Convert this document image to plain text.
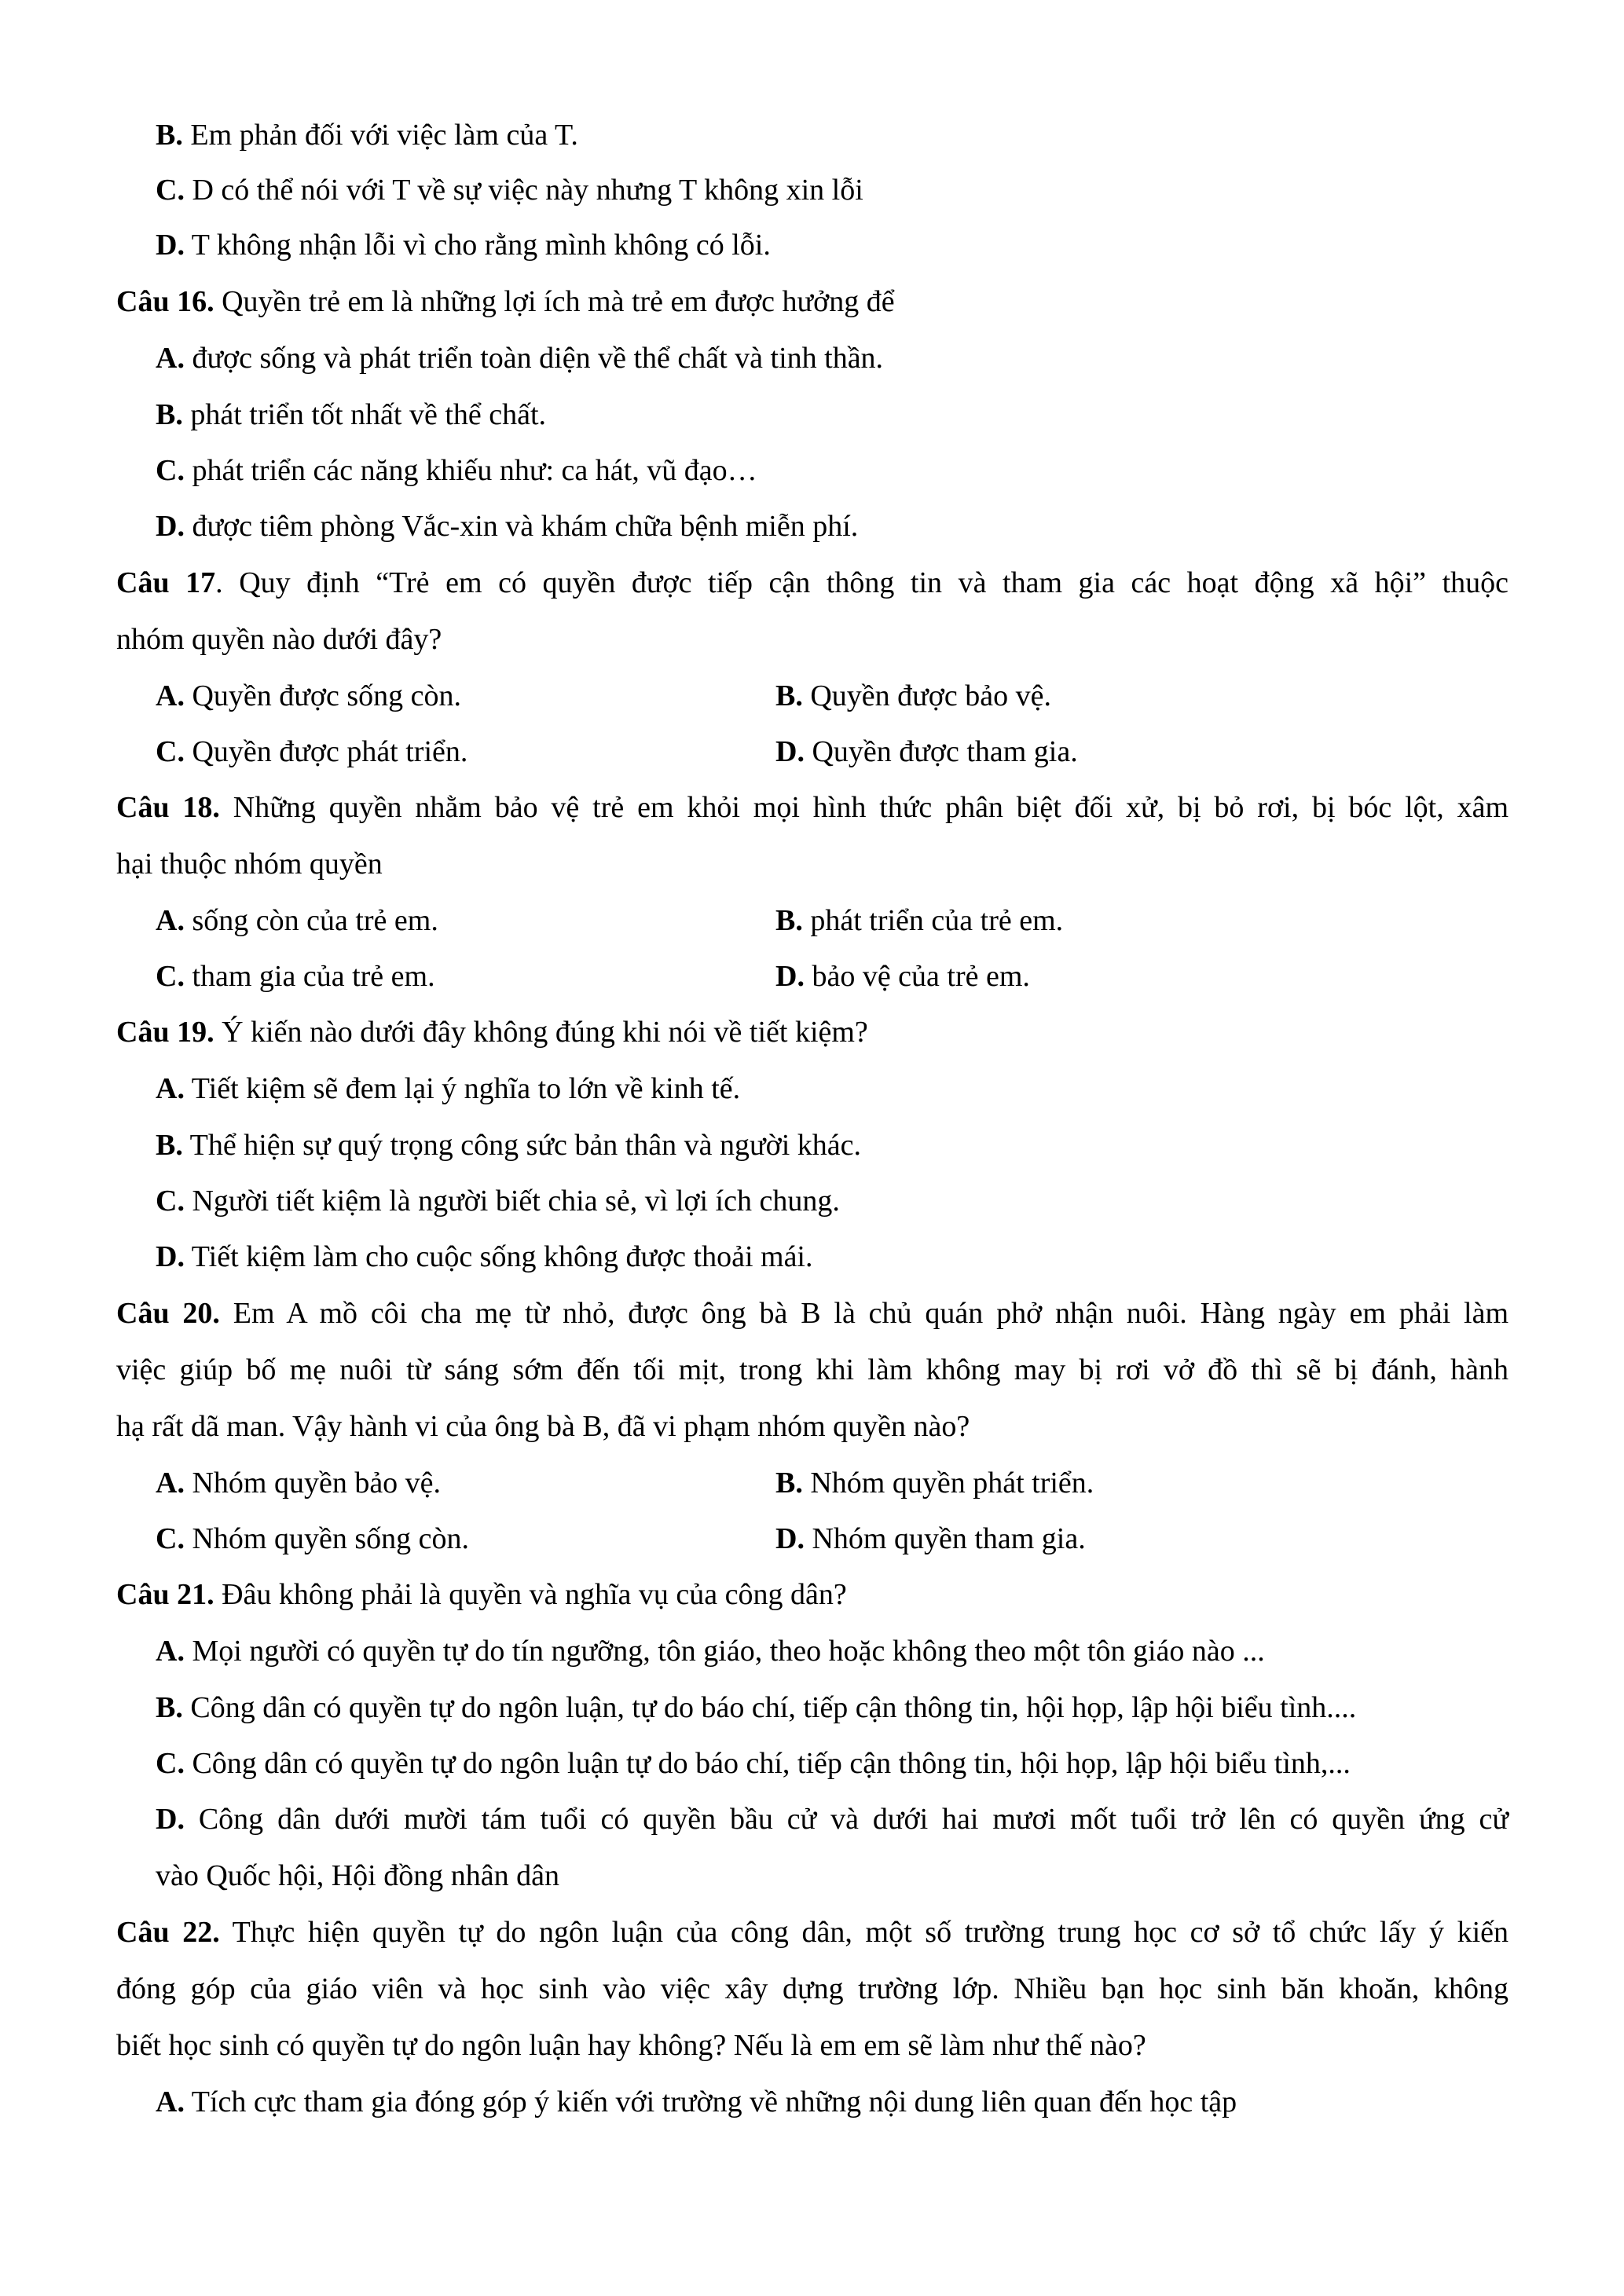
B. Em phản đối với việc làm của T.
C. D có thể nói với T về sự việc này nhưng T không xin lỗi
D. T không nhận lỗi vì cho rằng mình không có lỗi.
Câu 16. Quyền trẻ em là những lợi ích mà trẻ em được hưởng để
A. được sống và phát triển toàn diện về thể chất và tinh thần.
B. phát triển tốt nhất về thể chất.
C. phát triển các năng khiếu như: ca hát, vũ đạo…
D. được tiêm phòng Vắc-xin và khám chữa bệnh miễn phí.
Câu 17. Quy định “Trẻ em có quyền được tiếp cận thông tin và tham gia các hoạt động xã hội” thuộc
nhóm quyền nào dưới đây?
A. Quyền được sống còn.	B. Quyền được bảo vệ.
C. Quyền được phát triển.	D. Quyền được tham gia.
Câu 18. Những quyền nhằm bảo vệ trẻ em khỏi mọi hình thức phân biệt đối xử, bị bỏ rơi, bị bóc lột, xâm
hại thuộc nhóm quyền
A. sống còn của trẻ em.	B. phát triển của trẻ em.
C. tham gia của trẻ em.	D. bảo vệ của trẻ em.
Câu 19. Ý kiến nào dưới đây không đúng khi nói về tiết kiệm?
A. Tiết kiệm sẽ đem lại ý nghĩa to lớn về kinh tế.
B. Thể hiện sự quý trọng công sức bản thân và người khác.
C. Người tiết kiệm là người biết chia sẻ, vì lợi ích chung.
D. Tiết kiệm làm cho cuộc sống không được thoải mái.
Câu 20. Em A mồ côi cha mẹ từ nhỏ, được ông bà B là chủ quán phở nhận nuôi. Hàng ngày em phải làm
việc giúp bố mẹ nuôi từ sáng sớm đến tối mịt, trong khi làm không may bị rơi vở đồ thì sẽ bị đánh, hành
hạ rất dã man. Vậy hành vi của ông bà B, đã vi phạm nhóm quyền nào?
A. Nhóm quyền bảo vệ.	B. Nhóm quyền phát triển.
C. Nhóm quyền sống còn.	D. Nhóm quyền tham gia.
Câu 21. Đâu không phải là quyền và nghĩa vụ của công dân?
A. Mọi người có quyền tự do tín ngưỡng, tôn giáo, theo hoặc không theo một tôn giáo nào ...
B. Công dân có quyền tự do ngôn luận, tự do báo chí, tiếp cận thông tin, hội họp, lập hội biểu tình....
C. Công dân có quyền tự do ngôn luận tự do báo chí, tiếp cận thông tin, hội họp, lập hội biểu tình,...
D. Công dân dưới mười tám tuổi có quyền bầu cử và dưới hai mươi mốt tuổi trở lên có quyền ứng cử
vào Quốc hội, Hội đồng nhân dân
Câu 22. Thực hiện quyền tự do ngôn luận của công dân, một số trường trung học cơ sở tổ chức lấy ý kiến
đóng góp của giáo viên và học sinh vào việc xây dựng trường lớp. Nhiều bạn học sinh băn khoăn, không
biết học sinh có quyền tự do ngôn luận hay không? Nếu là em em sẽ làm như thế nào?
A. Tích cực tham gia đóng góp ý kiến với trường về những nội dung liên quan đến học tập
